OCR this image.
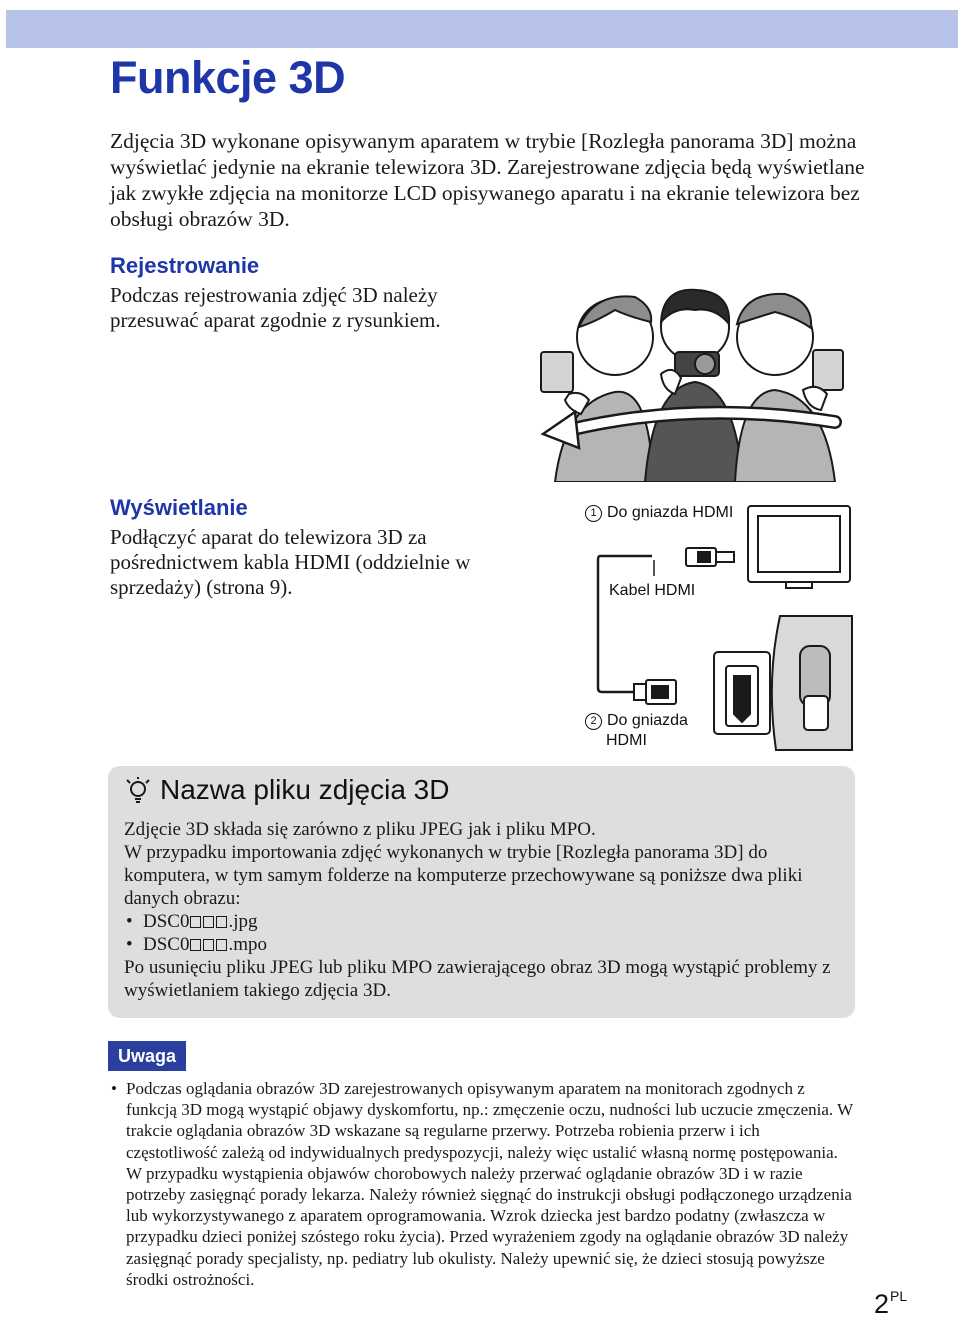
Funkcje 3D

Zdjęcia 3D wykonane opisywanym aparatem w trybie [Rozległa panorama 3D] można wyświetlać jedynie na ekranie telewizora 3D. Zarejestrowane zdjęcia będą wyświetlane jak zwykłe zdjęcia na monitorze LCD opisywanego aparatu i na ekranie telewizora bez obsługi obrazów 3D.

Rejestrowanie

Podczas rejestrowania zdjęć 3D należy przesuwać aparat zgodnie z rysunkiem.

Wyświetlanie

Podłączyć aparat do telewizora 3D za pośrednictwem kabla HDMI (oddzielnie w sprzedaży) (strona 9).

1 Do gniazda HDMI
Kabel HDMI
2 Do gniazda
HDMI
Nazwa pliku zdjęcia 3D

Zdjęcie 3D składa się zarówno z pliku JPEG jak i pliku MPO.

W przypadku importowania zdjęć wykonanych w trybie [Rozległa panorama 3D] do komputera, w tym samym folderze na komputerze przechowywane są poniższe dwa pliki danych obrazu:

• DSC0 .jpg
• DSC0 .mpo

Po usunięciu pliku JPEG lub pliku MPO zawierającego obraz 3D mogą wystąpić problemy z wyświetlaniem takiego zdjęcia 3D.

Uwaga
• Podczas oglądania obrazów 3D zarejestrowanych opisywanym aparatem na monitorach zgodnych z funkcją 3D mogą wystąpić objawy dyskomfortu, np.: zmęczenie oczu, nudności lub uczucie zmęczenia. W trakcie oglądania obrazów 3D wskazane są regularne przerwy. Potrzeba robienia przerw i ich częstotliwość zależą od indywidualnych predyspozycji, należy więc ustalić własną normę postępowania. W przypadku wystąpienia objawów chorobowych należy przerwać oglądanie obrazów 3D i w razie potrzeby zasięgnąć porady lekarza. Należy również sięgnąć do instrukcji obsługi podłączonego urządzenia lub wykorzystywanego z aparatem oprogramowania. Wzrok dziecka jest bardzo podatny (zwłaszcza w przypadku dzieci poniżej szóstego roku życia). Przed wyrażeniem zgody na oglądanie obrazów 3D należy zasięgnąć porady specjalisty, np. pediatry lub okulisty. Należy upewnić się, że dzieci stosują powyższe środki ostrożności.
$2^{PL}$
